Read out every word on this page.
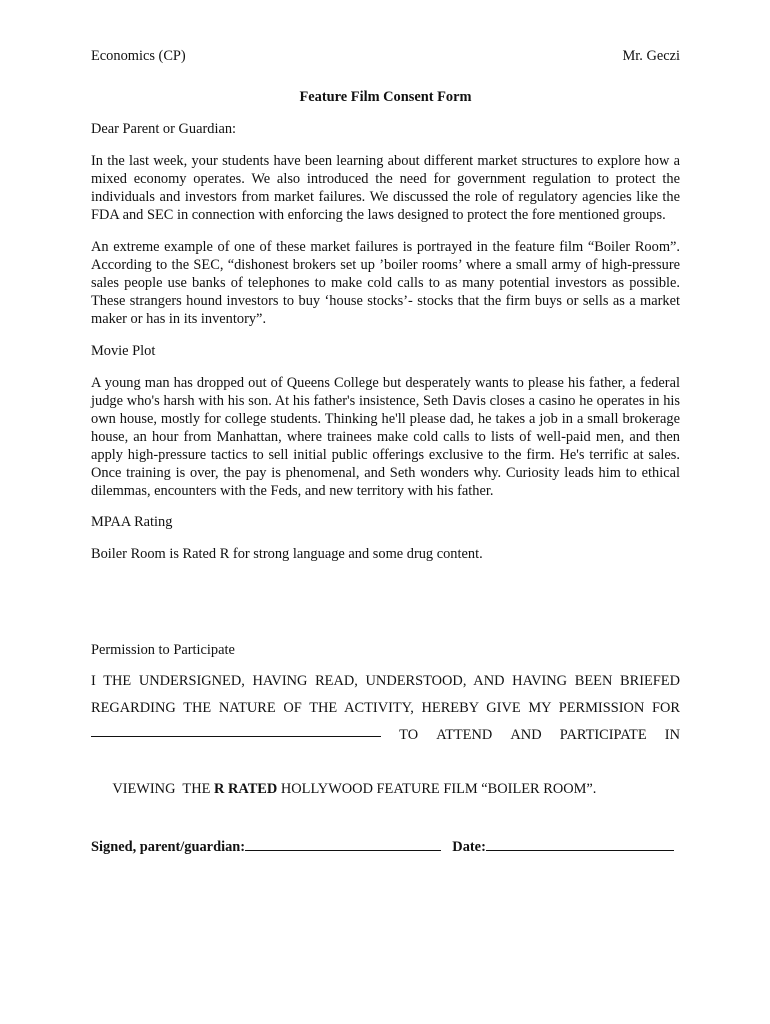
Economics (CP)	Mr. Geczi
Feature Film Consent Form

Dear Parent or Guardian:

In the last week, your students have been learning about different market structures to explore how a mixed economy operates. We also introduced the need for government regulation to protect the individuals and investors from market failures. We discussed the role of regulatory agencies like the FDA and SEC in connection with enforcing the laws designed to protect the fore mentioned groups.

An extreme example of one of these market failures is portrayed in the feature film “Boiler Room”. According to the SEC, “dishonest brokers set up ’boiler rooms’ where a small army of high-pressure sales people use banks of telephones to make cold calls to as many potential investors as possible. These strangers hound investors to buy ‘house stocks’- stocks that the firm buys or sells as a market maker or has in its inventory”.

Movie Plot

A young man has dropped out of Queens College but desperately wants to please his father, a federal judge who's harsh with his son. At his father's insistence, Seth Davis closes a casino he operates in his own house, mostly for college students. Thinking he'll please dad, he takes a job in a small brokerage house, an hour from Manhattan, where trainees make cold calls to lists of well-paid men, and then apply high-pressure tactics to sell initial public offerings exclusive to the firm. He's terrific at sales. Once training is over, the pay is phenomenal, and Seth wonders why. Curiosity leads him to ethical dilemmas, encounters with the Feds, and new territory with his father.

MPAA Rating

Boiler Room is Rated R for strong language and some drug content.

Permission to Participate

I THE UNDERSIGNED, HAVING READ, UNDERSTOOD, AND HAVING BEEN BRIEFED
REGARDING THE NATURE OF THE ACTIVITY, HEREBY GIVE MY PERMISSION FOR
TO ATTEND AND PARTICIPATE IN

VIEWING  THE R RATED HOLLYWOOD FEATURE FILM “BOILER ROOM”.

Signed, parent/guardian:	Date:
